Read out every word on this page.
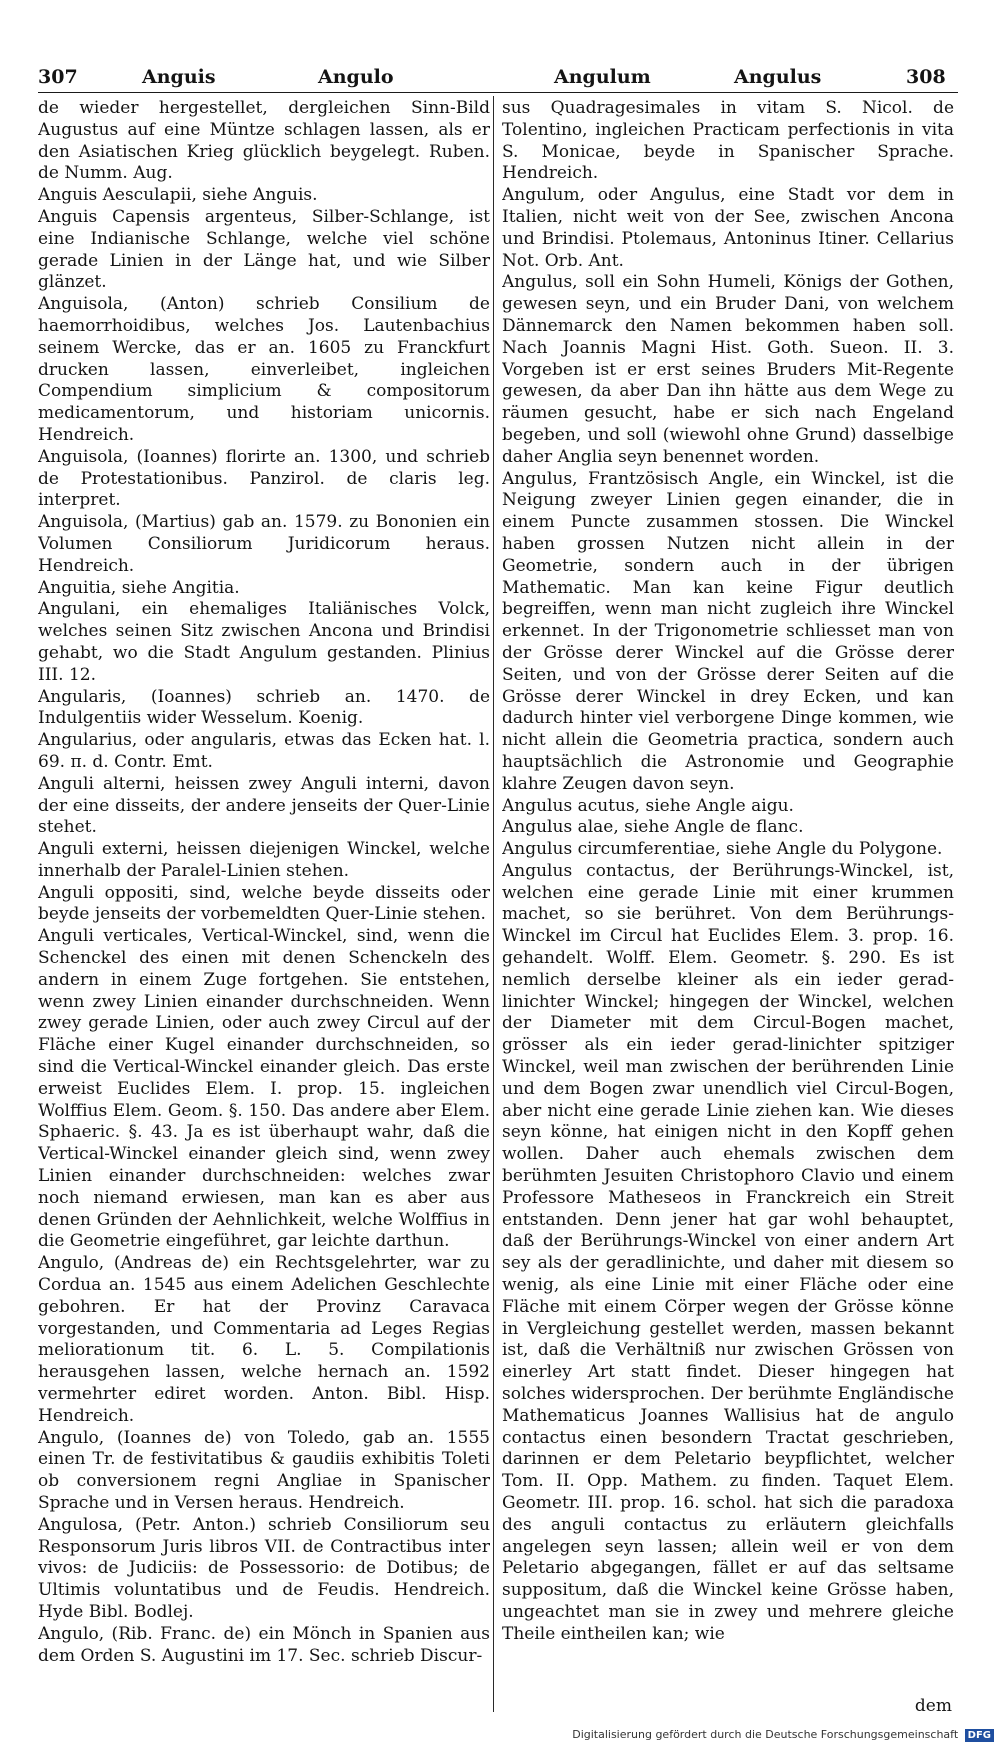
307	Anguis	Angulo	Angulum	Angulus	308

de wieder hergestellet, dergleichen Sinn-Bild Augustus auf eine Müntze schlagen lassen, als er den Asiatischen Krieg glücklich beygelegt. Ruben. de Numm. Aug.

Anguis Aesculapii, siehe Anguis.

Anguis Capensis argenteus, Silber-Schlange, ist eine Indianische Schlange, welche viel schöne gerade Linien in der Länge hat, und wie Silber glänzet.

Anguisola, (Anton) schrieb Consilium de haemorrhoidibus, welches Jos. Lautenbachius seinem Wercke, das er an. 1605 zu Franckfurt drucken lassen, einverleibet, ingleichen Compendium simplicium & compositorum medicamentorum, und historiam unicornis. Hendreich.

Anguisola, (Ioannes) florirte an. 1300, und schrieb de Protestationibus. Panzirol. de claris leg. interpret.

Anguisola, (Martius) gab an. 1579. zu Bononien ein Volumen Consiliorum Juridicorum heraus. Hendreich.

Anguitia, siehe Angitia.

Angulani, ein ehemaliges Italiänisches Volck, welches seinen Sitz zwischen Ancona und Brindisi gehabt, wo die Stadt Angulum gestanden. Plinius III. 12.

Angularis, (Ioannes) schrieb an. 1470. de Indulgentiis wider Wesselum. Koenig.

Angularius, oder angularis, etwas das Ecken hat. l. 69. π. d. Contr. Emt.

Anguli alterni, heissen zwey Anguli interni, davon der eine disseits, der andere jenseits der Quer-Linie stehet.

Anguli externi, heissen diejenigen Winckel, welche innerhalb der Paralel-Linien stehen.

Anguli oppositi, sind, welche beyde disseits oder beyde jenseits der vorbemeldten Quer-Linie stehen.

Anguli verticales, Vertical-Winckel, sind, wenn die Schenckel des einen mit denen Schenckeln des andern in einem Zuge fortgehen. Sie entstehen, wenn zwey Linien einander durchschneiden. Wenn zwey gerade Linien, oder auch zwey Circul auf der Fläche einer Kugel einander durchschneiden, so sind die Vertical-Winckel einander gleich. Das erste erweist Euclides Elem. I. prop. 15. ingleichen Wolffius Elem. Geom. §. 150. Das andere aber Elem. Sphaeric. §. 43. Ja es ist überhaupt wahr, daß die Vertical-Winckel einander gleich sind, wenn zwey Linien einander durchschneiden: welches zwar noch niemand erwiesen, man kan es aber aus denen Gründen der Aehnlichkeit, welche Wolffius in die Geometrie eingeführet, gar leichte darthun.

Angulo, (Andreas de) ein Rechtsgelehrter, war zu Cordua an. 1545 aus einem Adelichen Geschlechte gebohren. Er hat der Provinz Caravaca vorgestanden, und Commentaria ad Leges Regias meliorationum tit. 6. L. 5. Compilationis herausgehen lassen, welche hernach an. 1592 vermehrter ediret worden. Anton. Bibl. Hisp. Hendreich.

Angulo, (Ioannes de) von Toledo, gab an. 1555 einen Tr. de festivitatibus & gaudiis exhibitis Toleti ob conversionem regni Angliae in Spanischer Sprache und in Versen heraus. Hendreich.

Angulosa, (Petr. Anton.) schrieb Consiliorum seu Responsorum Juris libros VII. de Contractibus inter vivos: de Judiciis: de Possessorio: de Dotibus; de Ultimis voluntatibus und de Feudis. Hendreich. Hyde Bibl. Bodlej.

Angulo, (Rib. Franc. de) ein Mönch in Spanien aus dem Orden S. Augustini im 17. Sec. schrieb Discur-

sus Quadragesimales in vitam S. Nicol. de Tolentino, ingleichen Practicam perfectionis in vita S. Monicae, beyde in Spanischer Sprache. Hendreich.

Angulum, oder Angulus, eine Stadt vor dem in Italien, nicht weit von der See, zwischen Ancona und Brindisi. Ptolemaus, Antoninus Itiner. Cellarius Not. Orb. Ant.

Angulus, soll ein Sohn Humeli, Königs der Gothen, gewesen seyn, und ein Bruder Dani, von welchem Dännemarck den Namen bekommen haben soll. Nach Joannis Magni Hist. Goth. Sueon. II. 3. Vorgeben ist er erst seines Bruders Mit-Regente gewesen, da aber Dan ihn hätte aus dem Wege zu räumen gesucht, habe er sich nach Engeland begeben, und soll (wiewohl ohne Grund) dasselbige daher Anglia seyn benennet worden.

Angulus, Frantzösisch Angle, ein Winckel, ist die Neigung zweyer Linien gegen einander, die in einem Puncte zusammen stossen. Die Winckel haben grossen Nutzen nicht allein in der Geometrie, sondern auch in der übrigen Mathematic. Man kan keine Figur deutlich begreiffen, wenn man nicht zugleich ihre Winckel erkennet. In der Trigonometrie schliesset man von der Grösse derer Winckel auf die Grösse derer Seiten, und von der Grösse derer Seiten auf die Grösse derer Winckel in drey Ecken, und kan dadurch hinter viel verborgene Dinge kommen, wie nicht allein die Geometria practica, sondern auch hauptsächlich die Astronomie und Geographie klahre Zeugen davon seyn.

Angulus acutus, siehe Angle aigu.

Angulus alae, siehe Angle de flanc.

Angulus circumferentiae, siehe Angle du Polygone.

Angulus contactus, der Berührungs-Winckel, ist, welchen eine gerade Linie mit einer krummen machet, so sie berühret. Von dem Berührungs-Winckel im Circul hat Euclides Elem. 3. prop. 16. gehandelt. Wolff. Elem. Geometr. §. 290. Es ist nemlich derselbe kleiner als ein ieder gerad-linichter Winckel; hingegen der Winckel, welchen der Diameter mit dem Circul-Bogen machet, grösser als ein ieder gerad-linichter spitziger Winckel, weil man zwischen der berührenden Linie und dem Bogen zwar unendlich viel Circul-Bogen, aber nicht eine gerade Linie ziehen kan. Wie dieses seyn könne, hat einigen nicht in den Kopff gehen wollen. Daher auch ehemals zwischen dem berühmten Jesuiten Christophoro Clavio und einem Professore Matheseos in Franckreich ein Streit entstanden. Denn jener hat gar wohl behauptet, daß der Berührungs-Winckel von einer andern Art sey als der geradlinichte, und daher mit diesem so wenig, als eine Linie mit einer Fläche oder eine Fläche mit einem Cörper wegen der Grösse könne in Vergleichung gestellet werden, massen bekannt ist, daß die Verhältniß nur zwischen Grössen von einerley Art statt findet. Dieser hingegen hat solches widersprochen. Der berühmte Engländische Mathematicus Joannes Wallisius hat de angulo contactus einen besondern Tractat geschrieben, darinnen er dem Peletario beypflichtet, welcher Tom. II. Opp. Mathem. zu finden. Taquet Elem. Geometr. III. prop. 16. schol. hat sich die paradoxa des anguli contactus zu erläutern gleichfalls angelegen seyn lassen; allein weil er von dem Peletario abgegangen, fället er auf das seltsame suppositum, daß die Winckel keine Grösse haben, ungeachtet man sie in zwey und mehrere gleiche Theile eintheilen kan; wie

dem
Digitalisierung gefördert durch die Deutsche Forschungsgemeinschaft DFG
